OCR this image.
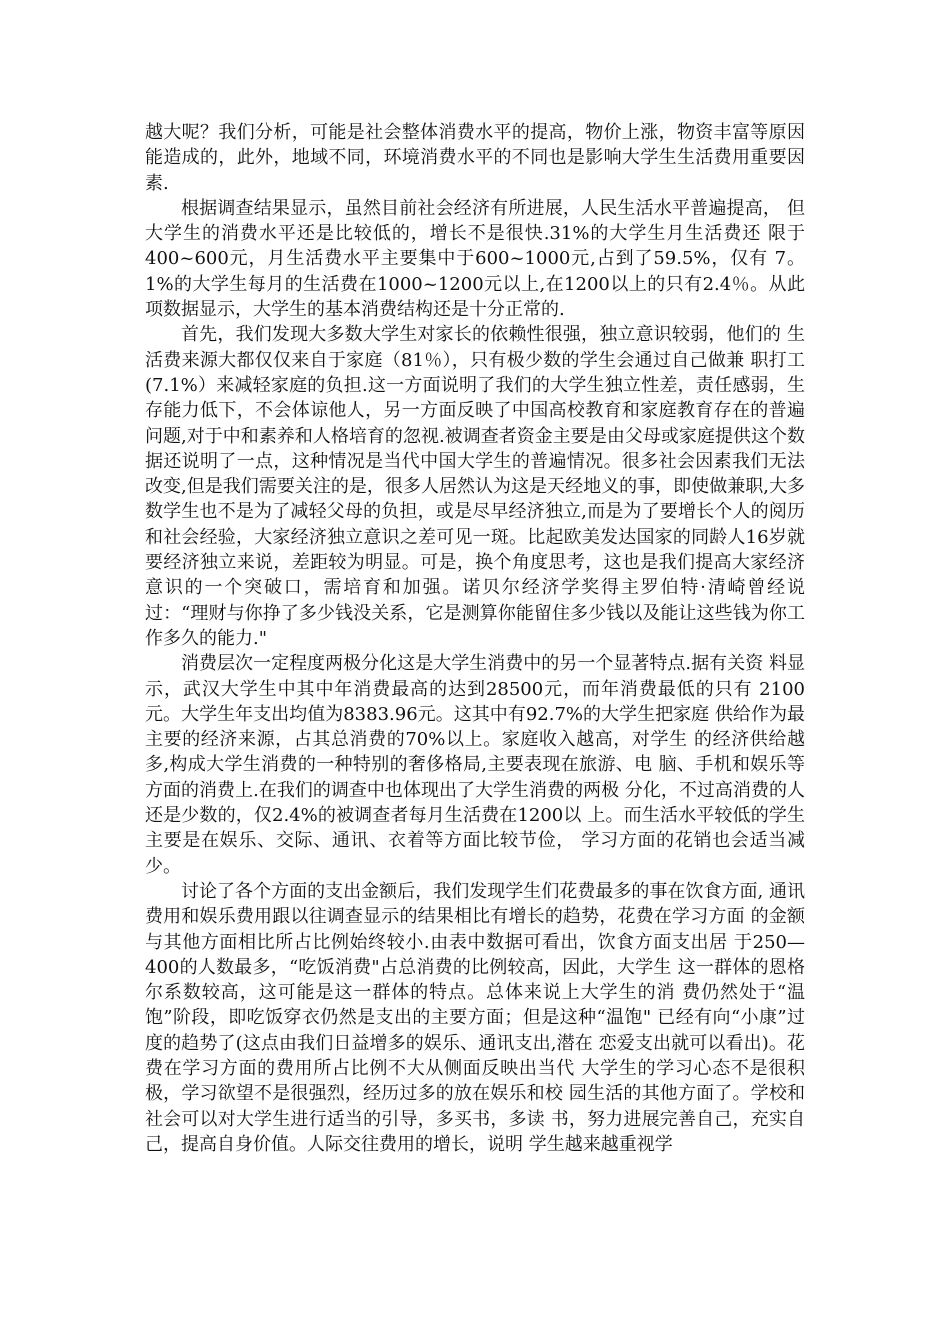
越大呢？我们分析，可能是社会整体消费水平的提高，物价上涨，物资丰富等原因能造成的，此外，地域不同，环境消费水平的不同也是影响大学生生活费用重要因素.

根据调查结果显示，虽然目前社会经济有所进展，人民生活水平普遍提高， 但大学生的消费水平还是比较低的，增长不是很快.31%的大学生月生活费还 限于400~600元，月生活费水平主要集中于600~1000元,占到了59.5%，仅有 7。1%的大学生每月的生活费在1000~1200元以上,在1200以上的只有2.4％。从此项数据显示，大学生的基本消费结构还是十分正常的.

首先，我们发现大多数大学生对家长的依赖性很强，独立意识较弱，他们的 生活费来源大都仅仅来自于家庭（81％），只有极少数的学生会通过自己做兼 职打工(7.1%）来减轻家庭的负担.这一方面说明了我们的大学生独立性差，责任感弱，生存能力低下，不会体谅他人，另一方面反映了中国高校教育和家庭教育存在的普遍问题,对于中和素养和人格培育的忽视.被调查者资金主要是由父母或家庭提供这个数据还说明了一点，这种情况是当代中国大学生的普遍情况。很多社会因素我们无法改变,但是我们需要关注的是，很多人居然认为这是天经地义的事，即使做兼职,大多数学生也不是为了减轻父母的负担，或是尽早经济独立,而是为了要增长个人的阅历和社会经验，大家经济独立意识之差可见一斑。比起欧美发达国家的同龄人16岁就要经济独立来说，差距较为明显。可是，换个角度思考，这也是我们提高大家经济意识的一个突破口，需培育和加强。诺贝尔经济学奖得主罗伯特·清崎曾经说过：“理财与你挣了多少钱没关系，它是测算你能留住多少钱以及能让这些钱为你工作多久的能力."

消费层次一定程度两极分化这是大学生消费中的另一个显著特点.据有关资 料显示，武汉大学生中其中年消费最高的达到28500元，而年消费最低的只有 2100元。大学生年支出均值为8383.96元。这其中有92.7%的大学生把家庭 供给作为最主要的经济来源，占其总消费的70%以上。家庭收入越高，对学生 的经济供给越多,构成大学生消费的一种特别的奢侈格局,主要表现在旅游、电 脑、手机和娱乐等方面的消费上.在我们的调查中也体现出了大学生消费的两极 分化，不过高消费的人还是少数的，仅2.4%的被调查者每月生活费在1200以 上。而生活水平较低的学生主要是在娱乐、交际、通讯、衣着等方面比较节俭， 学习方面的花销也会适当减少。

讨论了各个方面的支出金额后，我们发现学生们花费最多的事在饮食方面, 通讯费用和娱乐费用跟以往调查显示的结果相比有增长的趋势，花费在学习方面 的金额与其他方面相比所占比例始终较小.由表中数据可看出，饮食方面支出居 于250—400的人数最多，“吃饭消费"占总消费的比例较高，因此，大学生 这一群体的恩格尔系数较高，这可能是这一群体的特点。总体来说上大学生的消 费仍然处于“温饱”阶段，即吃饭穿衣仍然是支出的主要方面；但是这种“温饱" 已经有向“小康”过度的趋势了(这点由我们日益增多的娱乐、通讯支出,潜在 恋爱支出就可以看出)。花费在学习方面的费用所占比例不大从侧面反映出当代 大学生的学习心态不是很积极，学习欲望不是很强烈，经历过多的放在娱乐和校 园生活的其他方面了。学校和社会可以对大学生进行适当的引导，多买书，多读 书，努力进展完善自己，充实自己，提高自身价值。人际交往费用的增长，说明 学生越来越重视学
